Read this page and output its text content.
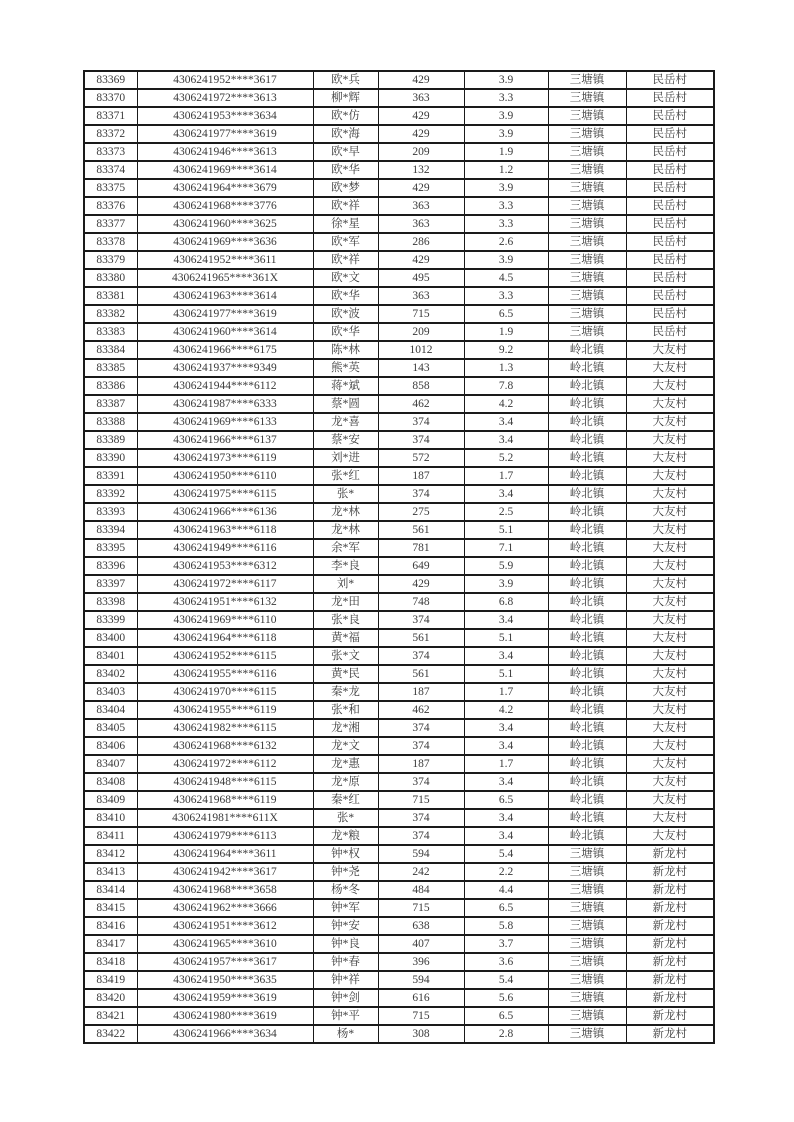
83369	4306241952****3617	欧*兵	429	3.9	三塘镇	民岳村
83370	4306241972****3613	柳*辉	363	3.3	三塘镇	民岳村
83371	4306241953****3634	欧*仿	429	3.9	三塘镇	民岳村
83372	4306241977****3619	欧*海	429	3.9	三塘镇	民岳村
83373	4306241946****3613	欧*早	209	1.9	三塘镇	民岳村
83374	4306241969****3614	欧*华	132	1.2	三塘镇	民岳村
83375	4306241964****3679	欧*梦	429	3.9	三塘镇	民岳村
83376	4306241968****3776	欧*祥	363	3.3	三塘镇	民岳村
83377	4306241960****3625	徐*星	363	3.3	三塘镇	民岳村
83378	4306241969****3636	欧*军	286	2.6	三塘镇	民岳村
83379	4306241952****3611	欧*祥	429	3.9	三塘镇	民岳村
83380	4306241965****361X	欧*文	495	4.5	三塘镇	民岳村
83381	4306241963****3614	欧*华	363	3.3	三塘镇	民岳村
83382	4306241977****3619	欧*波	715	6.5	三塘镇	民岳村
83383	4306241960****3614	欧*华	209	1.9	三塘镇	民岳村
83384	4306241966****6175	陈*林	1012	9.2	岭北镇	大友村
83385	4306241937****9349	熊*英	143	1.3	岭北镇	大友村
83386	4306241944****6112	蒋*斌	858	7.8	岭北镇	大友村
83387	4306241987****6333	蔡*圆	462	4.2	岭北镇	大友村
83388	4306241969****6133	龙*喜	374	3.4	岭北镇	大友村
83389	4306241966****6137	蔡*安	374	3.4	岭北镇	大友村
83390	4306241973****6119	刘*进	572	5.2	岭北镇	大友村
83391	4306241950****6110	张*红	187	1.7	岭北镇	大友村
83392	4306241975****6115	张*	374	3.4	岭北镇	大友村
83393	4306241966****6136	龙*林	275	2.5	岭北镇	大友村
83394	4306241963****6118	龙*林	561	5.1	岭北镇	大友村
83395	4306241949****6116	余*军	781	7.1	岭北镇	大友村
83396	4306241953****6312	李*良	649	5.9	岭北镇	大友村
83397	4306241972****6117	刘*	429	3.9	岭北镇	大友村
83398	4306241951****6132	龙*田	748	6.8	岭北镇	大友村
83399	4306241969****6110	张*良	374	3.4	岭北镇	大友村
83400	4306241964****6118	黄*福	561	5.1	岭北镇	大友村
83401	4306241952****6115	张*文	374	3.4	岭北镇	大友村
83402	4306241955****6116	黄*民	561	5.1	岭北镇	大友村
83403	4306241970****6115	秦*龙	187	1.7	岭北镇	大友村
83404	4306241955****6119	张*和	462	4.2	岭北镇	大友村
83405	4306241982****6115	龙*湘	374	3.4	岭北镇	大友村
83406	4306241968****6132	龙*文	374	3.4	岭北镇	大友村
83407	4306241972****6112	龙*惠	187	1.7	岭北镇	大友村
83408	4306241948****6115	龙*原	374	3.4	岭北镇	大友村
83409	4306241968****6119	秦*红	715	6.5	岭北镇	大友村
83410	4306241981****611X	张*	374	3.4	岭北镇	大友村
83411	4306241979****6113	龙*粮	374	3.4	岭北镇	大友村
83412	4306241964****3611	钟*权	594	5.4	三塘镇	新龙村
83413	4306241942****3617	钟*尧	242	2.2	三塘镇	新龙村
83414	4306241968****3658	杨*冬	484	4.4	三塘镇	新龙村
83415	4306241962****3666	钟*军	715	6.5	三塘镇	新龙村
83416	4306241951****3612	钟*安	638	5.8	三塘镇	新龙村
83417	4306241965****3610	钟*良	407	3.7	三塘镇	新龙村
83418	4306241957****3617	钟*春	396	3.6	三塘镇	新龙村
83419	4306241950****3635	钟*祥	594	5.4	三塘镇	新龙村
83420	4306241959****3619	钟*剑	616	5.6	三塘镇	新龙村
83421	4306241980****3619	钟*平	715	6.5	三塘镇	新龙村
83422	4306241966****3634	杨*	308	2.8	三塘镇	新龙村
